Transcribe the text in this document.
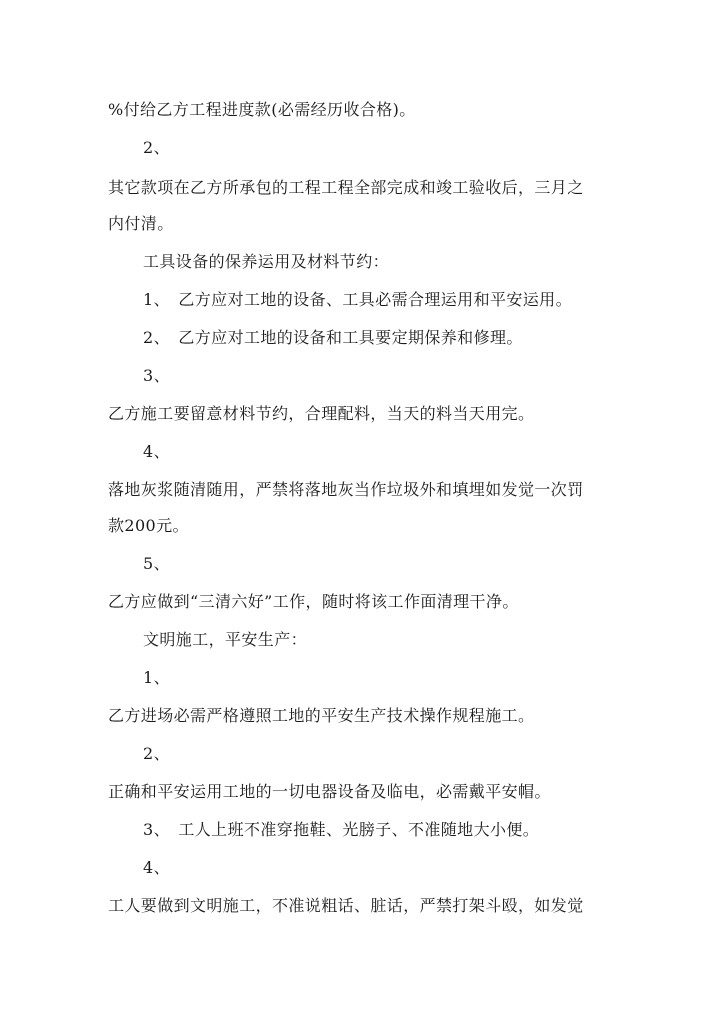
%付给乙方工程进度款(必需经历收合格)。
2、
其它款项在乙方所承包的工程工程全部完成和竣工验收后，三月之
内付清。
工具设备的保养运用及材料节约：
1、　乙方应对工地的设备、工具必需合理运用和平安运用。
2、　乙方应对工地的设备和工具要定期保养和修理。
3、
乙方施工要留意材料节约，合理配料，当天的料当天用完。
4、
落地灰浆随清随用，严禁将落地灰当作垃圾外和填埋如发觉一次罚
款200元。
5、
乙方应做到“三清六好”工作，随时将该工作面清理干净。
文明施工，平安生产：
1、
乙方进场必需严格遵照工地的平安生产技术操作规程施工。
2、
正确和平安运用工地的一切电器设备及临电，必需戴平安帽。
3、　工人上班不准穿拖鞋、光膀子、不准随地大小便。
4、
工人要做到文明施工，不准说粗话、脏话，严禁打架斗殴，如发觉
